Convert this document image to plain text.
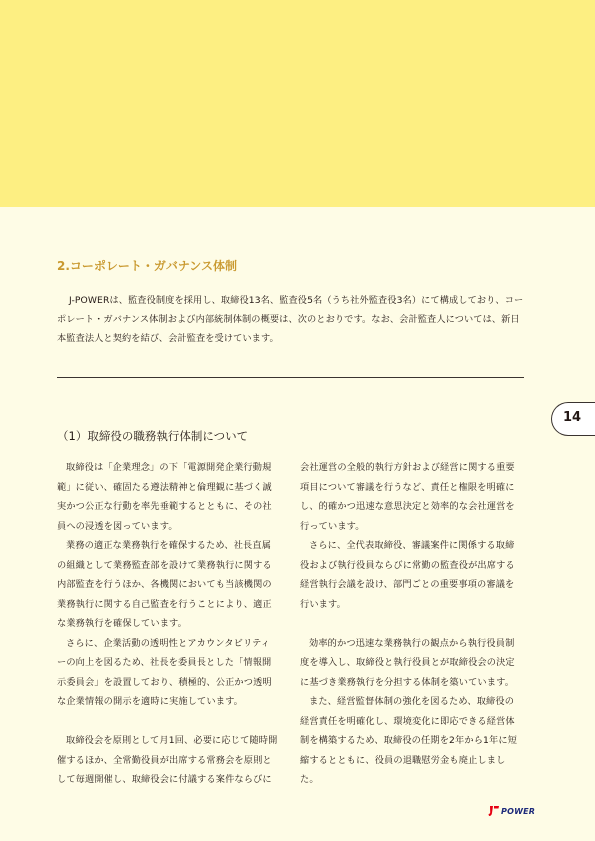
2.コーポレート・ガバナンス体制

J-POWERは、監査役制度を採用し、取締役13名、監査役5名（うち社外監査役3名）にて構成しており、コーポレート・ガバナンス体制および内部統制体制の概要は、次のとおりです。なお、会計監査人については、新日本監査法人と契約を結び、会計監査を受けています。

14
（1）取締役の職務執行体制について

取締役は「企業理念」の下「電源開発企業行動規範」に従い、確固たる遵法精神と倫理観に基づく誠実かつ公正な行動を率先垂範するとともに、その社員への浸透を図っています。

業務の適正な業務執行を確保するため、社長直属の組織として業務監査部を設けて業務執行に関する内部監査を行うほか、各機関においても当該機関の業務執行に関する自己監査を行うことにより、適正な業務執行を確保しています。

さらに、企業活動の透明性とアカウンタビリティーの向上を図るため、社長を委員長とした「情報開示委員会」を設置しており、積極的、公正かつ透明な企業情報の開示を適時に実施しています。

取締役会を原則として月1回、必要に応じて随時開催するほか、全常勤役員が出席する常務会を原則として毎週開催し、取締役会に付議する案件ならびに

会社運営の全般的執行方針および経営に関する重要項目について審議を行うなど、責任と権限を明確にし、的確かつ迅速な意思決定と効率的な会社運営を行っています。

さらに、全代表取締役、審議案件に関係する取締役および執行役員ならびに常勤の監査役が出席する経営執行会議を設け、部門ごとの重要事項の審議を行います。

効率的かつ迅速な業務執行の観点から執行役員制度を導入し、取締役と執行役員とが取締役会の決定に基づき業務執行を分担する体制を築いています。

また、経営監督体制の強化を図るため、取締役の経営責任を明確化し、環境変化に即応できる経営体制を構築するため、取締役の任期を2年から1年に短縮するとともに、役員の退職慰労金も廃止しました。

POWER
